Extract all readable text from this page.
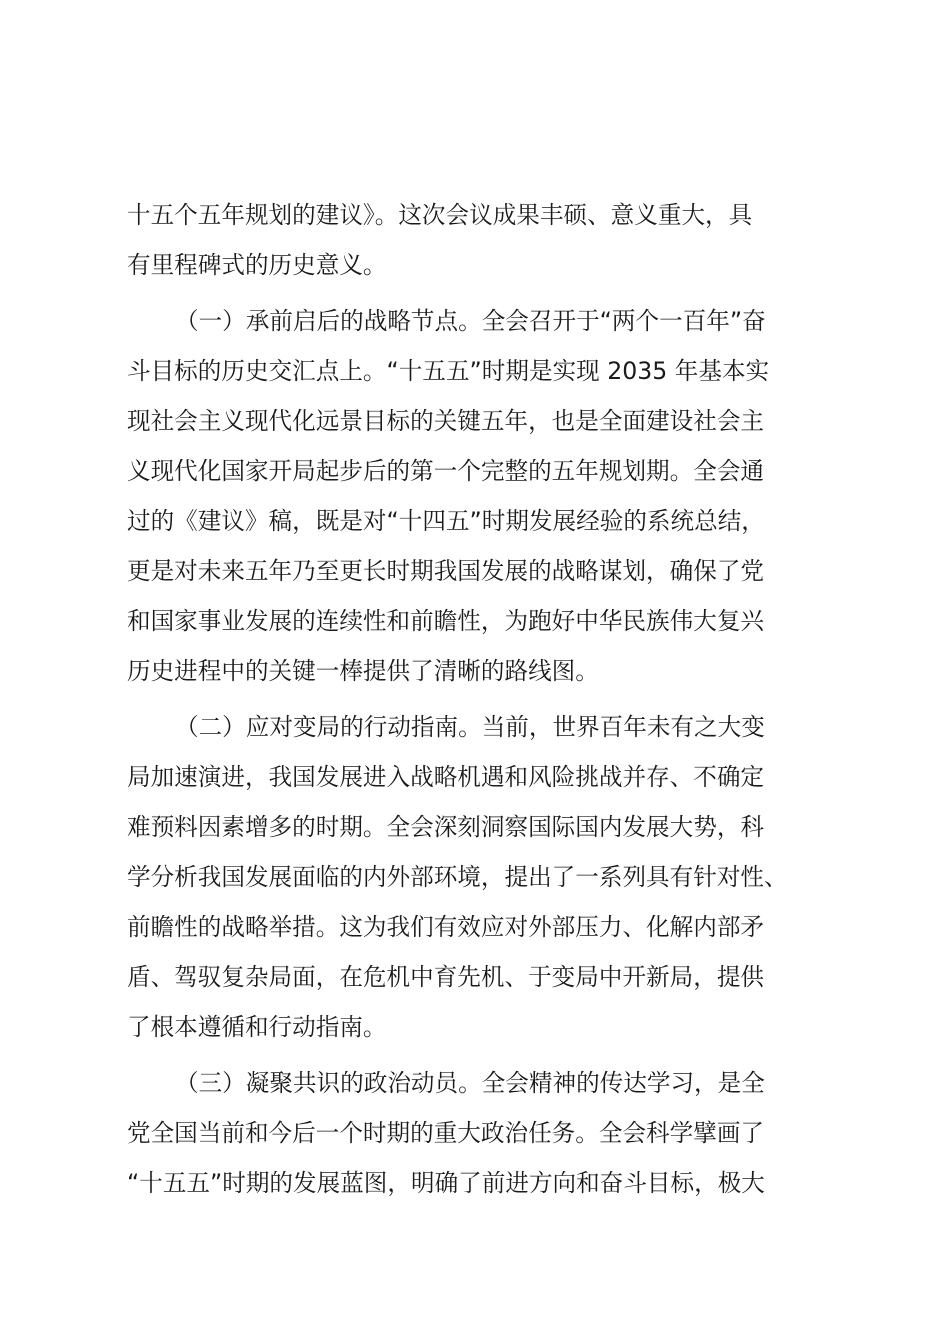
十五个五年规划的建议》。这次会议成果丰硕、意义重大，具
有里程碑式的历史意义。
（一）承前启后的战略节点。全会召开于“两个一百年”奋
斗目标的历史交汇点上。“十五五”时期是实现 2035 年基本实
现社会主义现代化远景目标的关键五年，也是全面建设社会主
义现代化国家开局起步后的第一个完整的五年规划期。全会通
过的《建议》稿，既是对“十四五”时期发展经验的系统总结，
更是对未来五年乃至更长时期我国发展的战略谋划，确保了党
和国家事业发展的连续性和前瞻性，为跑好中华民族伟大复兴
历史进程中的关键一棒提供了清晰的路线图。
（二）应对变局的行动指南。当前，世界百年未有之大变
局加速演进，我国发展进入战略机遇和风险挑战并存、不确定
难预料因素增多的时期。全会深刻洞察国际国内发展大势，科
学分析我国发展面临的内外部环境，提出了一系列具有针对性、
前瞻性的战略举措。这为我们有效应对外部压力、化解内部矛
盾、驾驭复杂局面，在危机中育先机、于变局中开新局，提供
了根本遵循和行动指南。
（三）凝聚共识的政治动员。全会精神的传达学习，是全
党全国当前和今后一个时期的重大政治任务。全会科学擘画了
“十五五”时期的发展蓝图，明确了前进方向和奋斗目标，极大
